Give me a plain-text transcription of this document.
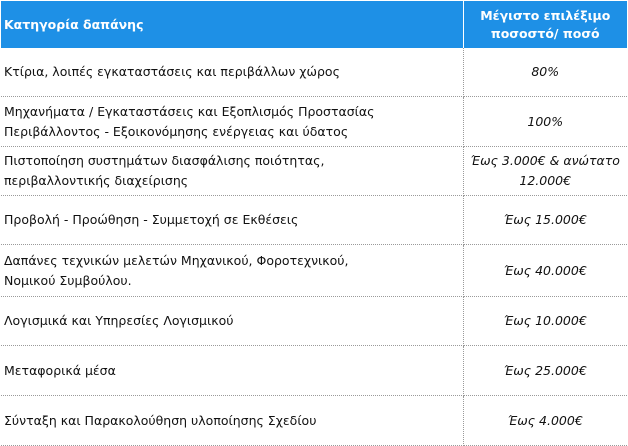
Κατηγορία δαπάνης	Μέγιστο επιλέξιμο
ποσοστό/ ποσό
Κτίρια, λοιπές εγκαταστάσεις και περιβάλλων χώρος	80%
Μηχανήματα / Εγκαταστάσεις και Εξοπλισμός Προστασίας
Περιβάλλοντος - Εξοικονόμησης ενέργειας και ύδατος	100%
Πιστοποίηση συστημάτων διασφάλισης ποιότητας,
περιβαλλοντικής διαχείρισης	Έως 3.000€ & ανώτατο
12.000€
Προβολή - Προώθηση - Συμμετοχή σε Εκθέσεις	Έως 15.000€
Δαπάνες τεχνικών μελετών Μηχανικού, Φοροτεχνικού,
Νομικού Συμβούλου.	Έως 40.000€
Λογισμικά και Υπηρεσίες Λογισμικού	Έως 10.000€
Μεταφορικά μέσα	Έως 25.000€
Σύνταξη και Παρακολούθηση υλοποίησης Σχεδίου	Έως 4.000€
